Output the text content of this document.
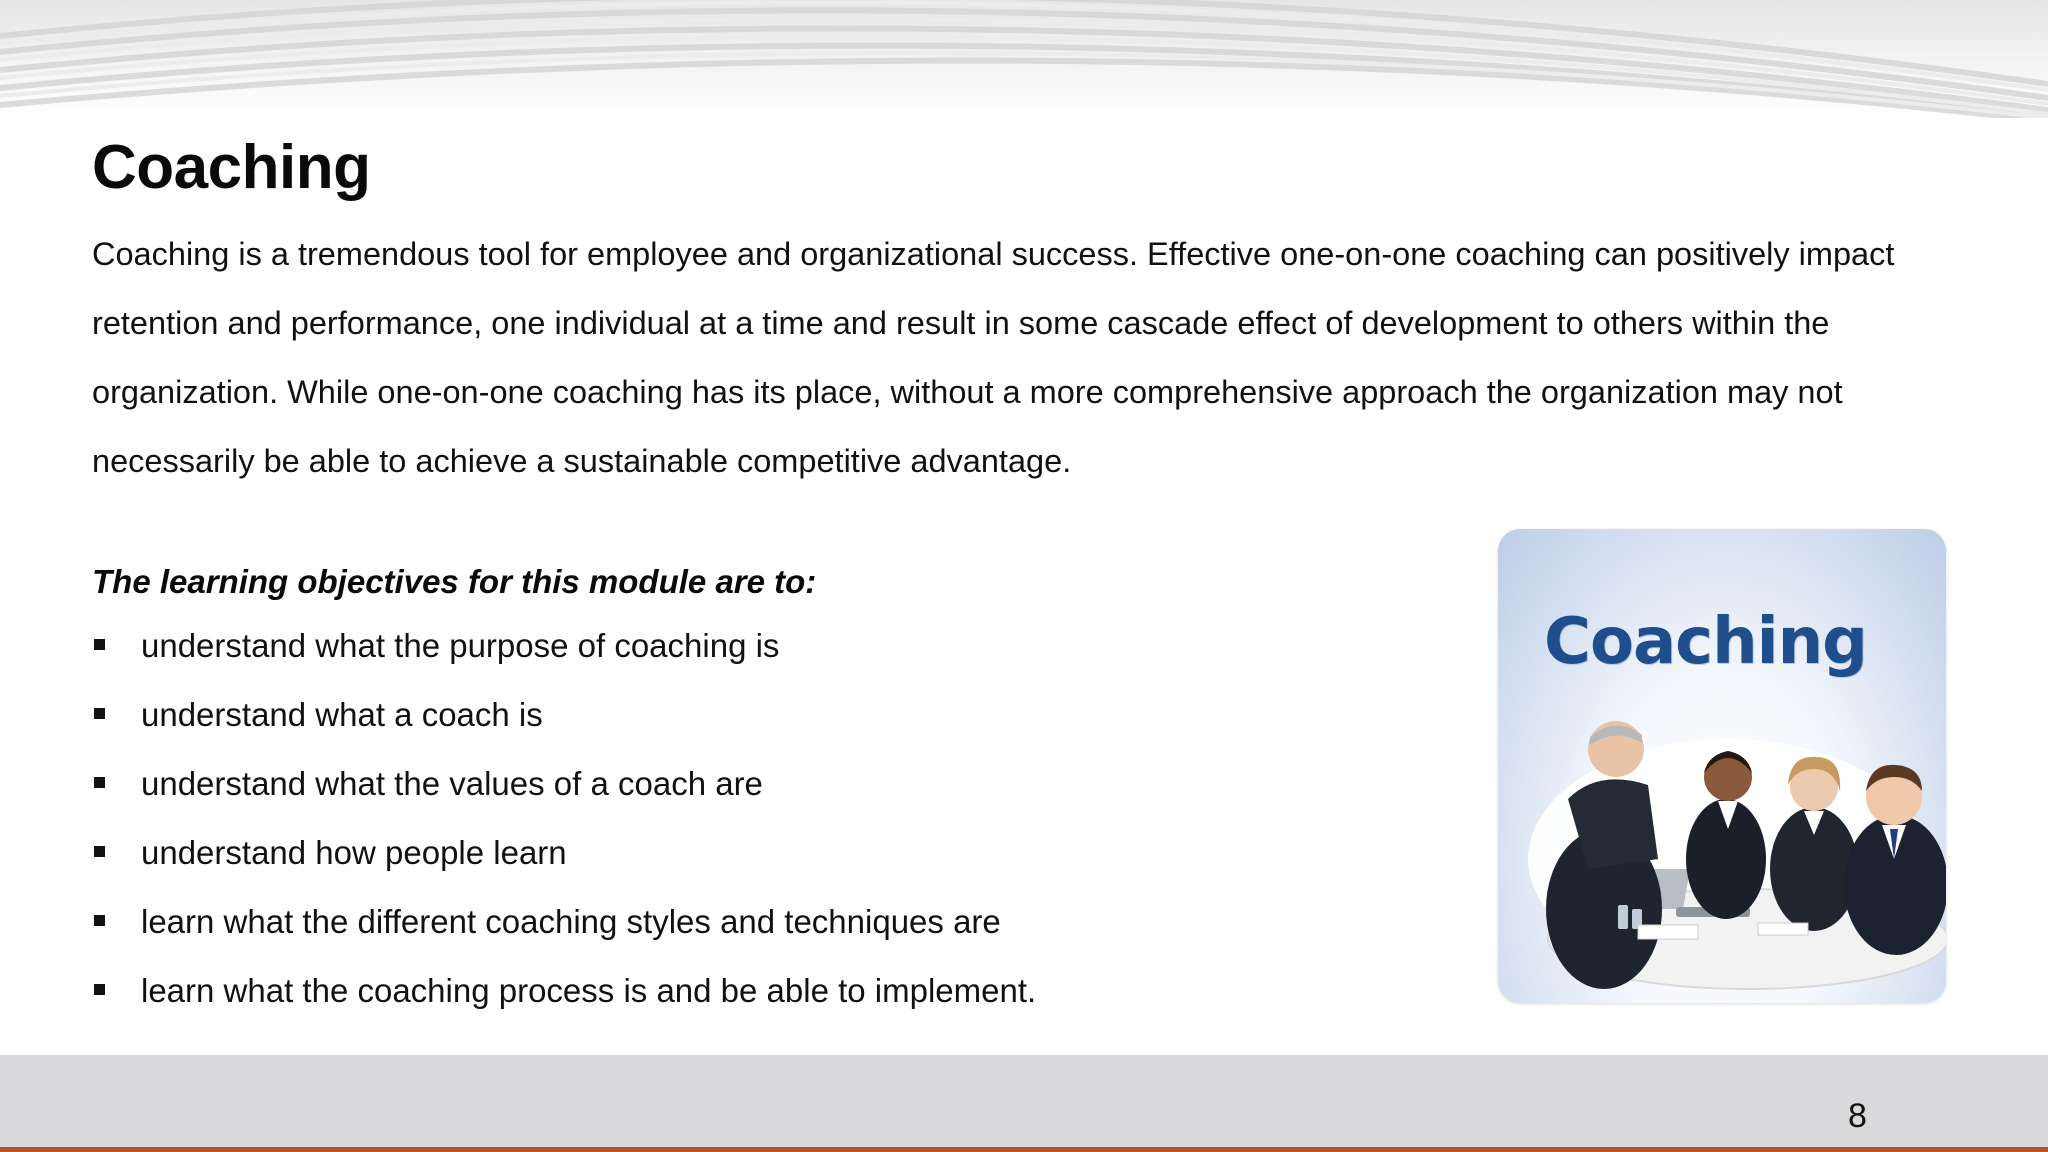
Coaching

Coaching is a tremendous tool for employee and organizational success. Effective one-on-one coaching can positively impact retention and performance, one individual at a time and result in some cascade effect of development to others within the organization. While one-on-one coaching has its place, without a more comprehensive approach the organization may not necessarily be able to achieve a sustainable competitive advantage.

The learning objectives for this module are to:

understand what the purpose of coaching is
understand what a coach is
understand what the values of a coach are
understand how people learn
learn what the different coaching styles and techniques are
learn what the coaching process is and be able to implement.
Coaching
8
